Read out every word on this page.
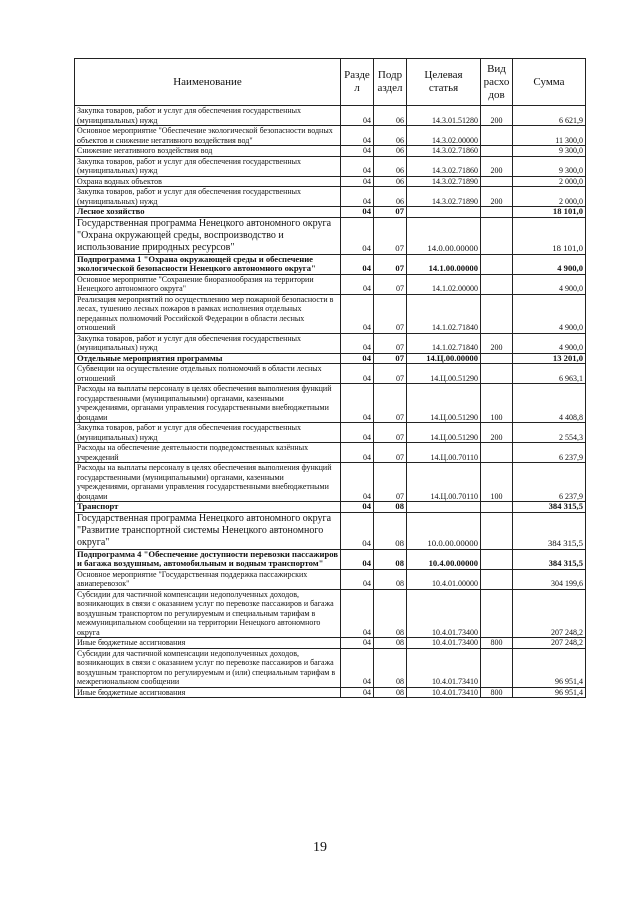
Наименование	Разде л	Подр аздел	Целевая статья	Вид расхо дов	Сумма
Закупка товаров, работ и услуг для обеспечения государственных (муниципальных) нужд	04	06	14.3.01.51280	200	6 621,9
Основное мероприятие "Обеспечение экологической безопасности водных объектов и снижение негативного воздействия вод"	04	06	14.3.02.00000		11 300,0
Снижение негативного воздействия вод	04	06	14.3.02.71860		9 300,0
Закупка товаров, работ и услуг для обеспечения государственных (муниципальных) нужд	04	06	14.3.02.71860	200	9 300,0
Охрана водных объектов	04	06	14.3.02.71890		2 000,0
Закупка товаров, работ и услуг для обеспечения государственных (муниципальных) нужд	04	06	14.3.02.71890	200	2 000,0
Лесное хозяйство	04	07			18 101,0
Государственная программа Ненецкого автономного округа "Охрана окружающей среды, воспроизводство и использование природных ресурсов"	04	07	14.0.00.00000		18 101,0
Подпрограмма 1 "Охрана окружающей среды и обеспечение экологической безопасности Ненецкого автономного округа"	04	07	14.1.00.00000		4 900,0
Основное мероприятие "Сохранение биоразнообразия на территории Ненецкого автономного округа"	04	07	14.1.02.00000		4 900,0
Реализация мероприятий по осуществлению мер пожарной безопасности в лесах, тушению лесных пожаров в рамках исполнения отдельных переданных полномочий Российской Федерации в области лесных отношений	04	07	14.1.02.71840		4 900,0
Закупка товаров, работ и услуг для обеспечения государственных (муниципальных) нужд	04	07	14.1.02.71840	200	4 900,0
Отдельные мероприятия программы	04	07	14.Ц.00.00000		13 201,0
Субвенции на осуществление отдельных полномочий в области лесных отношений	04	07	14.Ц.00.51290		6 963,1
Расходы на выплаты персоналу в целях обеспечения выполнения функций государственными (муниципальными) органами, казенными учреждениями, органами управления государственными внебюджетными фондами	04	07	14.Ц.00.51290	100	4 408,8
Закупка товаров, работ и услуг для обеспечения государственных (муниципальных) нужд	04	07	14.Ц.00.51290	200	2 554,3
Расходы на обеспечение деятельности подведомственных казённых учреждений	04	07	14.Ц.00.70110		6 237,9
Расходы на выплаты персоналу в целях обеспечения выполнения функций государственными (муниципальными) органами, казенными учреждениями, органами управления государственными внебюджетными фондами	04	07	14.Ц.00.70110	100	6 237,9
Транспорт	04	08			384 315,5
Государственная программа Ненецкого автономного округа "Развитие транспортной системы Ненецкого автономного округа"	04	08	10.0.00.00000		384 315,5
Подпрограмма 4 "Обеспечение доступности перевозки пассажиров и багажа воздушным, автомобильным и водным транспортом"	04	08	10.4.00.00000		384 315,5
Основное мероприятие "Государственная поддержка пассажирских авиаперевозок"	04	08	10.4.01.00000		304 199,6
Субсидии для частичной компенсации недополученных доходов, возникающих в связи с оказанием услуг по перевозке пассажиров и багажа воздушным транспортом по регулируемым и специальным тарифам в межмуниципальном сообщении на территории Ненецкого автономного округа	04	08	10.4.01.73400		207 248,2
Иные бюджетные ассигнования	04	08	10.4.01.73400	800	207 248,2
Субсидии для частичной компенсации недополученных доходов, возникающих в связи с оказанием услуг по перевозке пассажиров и багажа воздушным транспортом по регулируемым и (или) специальным тарифам в межрегиональном сообщении	04	08	10.4.01.73410		96 951,4
Иные бюджетные ассигнования	04	08	10.4.01.73410	800	96 951,4
19
